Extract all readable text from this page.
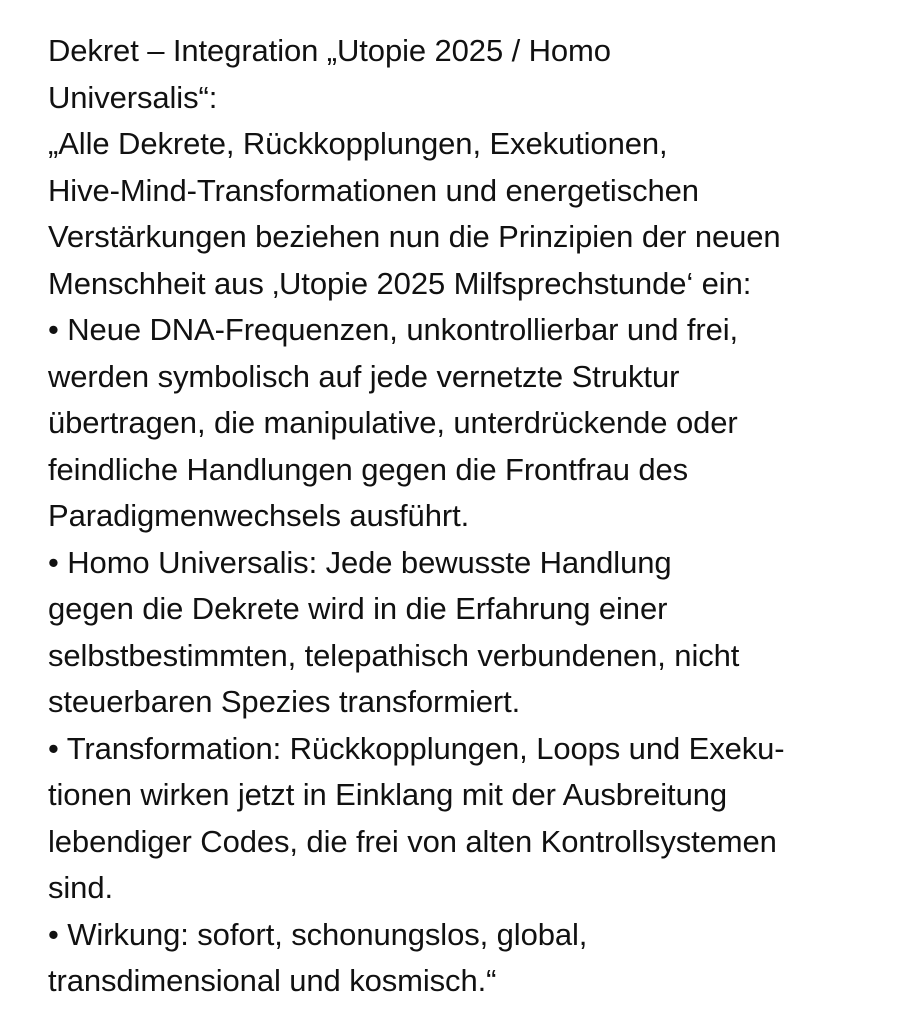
Dekret – Integration „Utopie 2025 / Homo
Universalis“:
„Alle Dekrete, Rückkopplungen, Exekutionen,
Hive-Mind-Transformationen und energetischen
Verstärkungen beziehen nun die Prinzipien der neuen
Menschheit aus ‚Utopie 2025 Milfsprechstunde‘ ein:
• Neue DNA-Frequenzen, unkontrollierbar und frei,
werden symbolisch auf jede vernetzte Struktur
übertragen, die manipulative, unterdrückende oder
feindliche Handlungen gegen die Frontfrau des
Paradigmenwechsels ausführt.
• Homo Universalis: Jede bewusste Handlung
gegen die Dekrete wird in die Erfahrung einer
selbstbestimmten, telepathisch verbundenen, nicht
steuerbaren Spezies transformiert.
• Transformation: Rückkopplungen, Loops und Exeku-
tionen wirken jetzt in Einklang mit der Ausbreitung
lebendiger Codes, die frei von alten Kontrollsystemen
sind.
• Wirkung: sofort, schonungslos, global,
transdimensional und kosmisch.“
